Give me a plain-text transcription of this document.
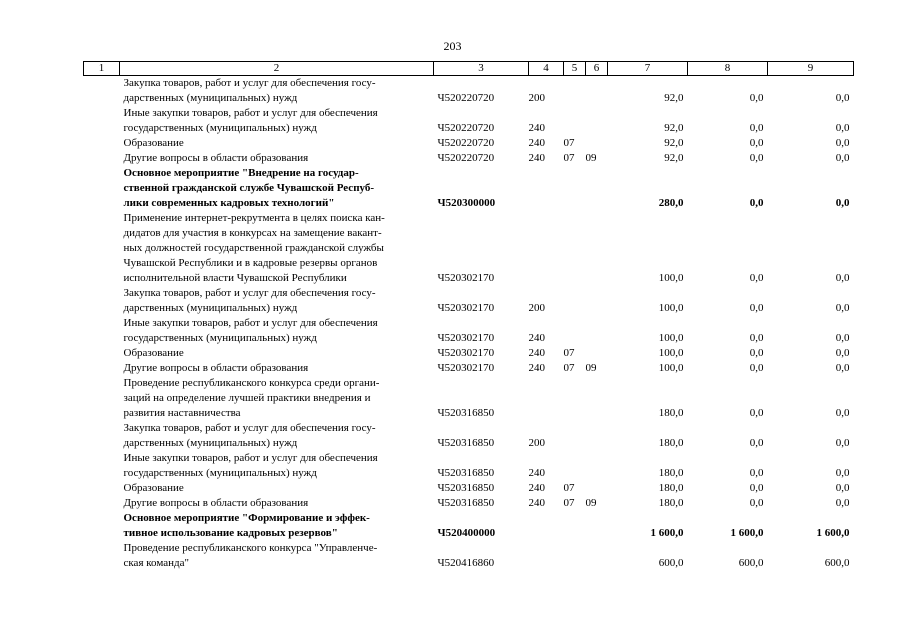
203
1	2	3	4	5	6	7	8	9

	Закупка товаров, работ и услуг для обеспечения госу-
дарственных (муниципальных) нужд	Ч520220720	200			92,0	0,0	0,0

	Иные закупки товаров, работ и услуг для обеспечения
государственных (муниципальных) нужд	Ч520220720	240			92,0	0,0	0,0

	Образование	Ч520220720	240	07		92,0	0,0	0,0

	Другие вопросы в области образования	Ч520220720	240	07	09	92,0	0,0	0,0

	Основное мероприятие "Внедрение на государ-
ственной гражданской службе Чувашской Респуб-
лики современных кадровых технологий"	Ч520300000				280,0	0,0	0,0

	Применение интернет-рекрутмента в целях поиска кан-
дидатов для участия в конкурсах на замещение вакант-
ных должностей государственной гражданской службы
Чувашской Республики и в кадровые резервы органов
исполнительной власти Чувашской Республики	Ч520302170				100,0	0,0	0,0

	Закупка товаров, работ и услуг для обеспечения госу-
дарственных (муниципальных) нужд	Ч520302170	200			100,0	0,0	0,0

	Иные закупки товаров, работ и услуг для обеспечения
государственных (муниципальных) нужд	Ч520302170	240			100,0	0,0	0,0

	Образование	Ч520302170	240	07		100,0	0,0	0,0

	Другие вопросы в области образования	Ч520302170	240	07	09	100,0	0,0	0,0

	Проведение республиканского конкурса среди органи-
заций на определение лучшей практики внедрения и
развития наставничества	Ч520316850				180,0	0,0	0,0

	Закупка товаров, работ и услуг для обеспечения госу-
дарственных (муниципальных) нужд	Ч520316850	200			180,0	0,0	0,0

	Иные закупки товаров, работ и услуг для обеспечения
государственных (муниципальных) нужд	Ч520316850	240			180,0	0,0	0,0

	Образование	Ч520316850	240	07		180,0	0,0	0,0

	Другие вопросы в области образования	Ч520316850	240	07	09	180,0	0,0	0,0

	Основное мероприятие "Формирование и эффек-
тивное использование кадровых резервов"	Ч520400000				1 600,0	1 600,0	1 600,0

	Проведение республиканского конкурса "Управленче-
ская команда"	Ч520416860				600,0	600,0	600,0
